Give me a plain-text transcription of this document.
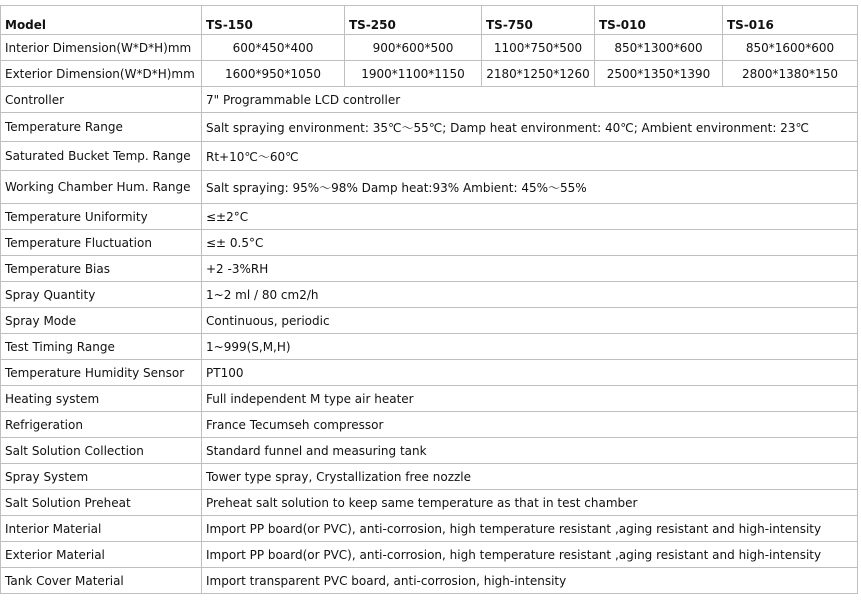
Model	TS-150	TS-250	TS-750	TS-010	TS-016
Interior Dimension(W*D*H)mm	600*450*400	900*600*500	1100*750*500	850*1300*600	850*1600*600
Exterior Dimension(W*D*H)mm	1600*950*1050	1900*1100*1150	2180*1250*1260	2500*1350*1390	2800*1380*150
Controller	7" Programmable LCD controller				
Temperature Range	Salt spraying environment: 35℃～55℃; Damp heat environment: 40℃; Ambient environment: 23℃				
Saturated Bucket Temp. Range	Rt+10℃～60℃				
Working Chamber Hum. Range	Salt spraying: 95%～98% Damp heat:93% Ambient: 45%～55%				
Temperature Uniformity	≤±2°C				
Temperature Fluctuation	≤± 0.5°C				
Temperature Bias	+2 -3%RH				
Spray Quantity	1~2 ml / 80 cm2/h				
Spray Mode	Continuous, periodic				
Test Timing Range	1~999(S,M,H)				
Temperature Humidity Sensor	PT100				
Heating system	Full independent M type air heater				
Refrigeration	France Tecumseh compressor				
Salt Solution Collection	Standard funnel and measuring tank				
Spray System	Tower type spray, Crystallization free nozzle				
Salt Solution Preheat	Preheat salt solution to keep same temperature as that in test chamber				
Interior Material	Import PP board(or PVC), anti-corrosion, high temperature resistant ,aging resistant and high-intensity				
Exterior Material	Import PP board(or PVC), anti-corrosion, high temperature resistant ,aging resistant and high-intensity				
Tank Cover Material	Import transparent PVC board, anti-corrosion, high-intensity				
